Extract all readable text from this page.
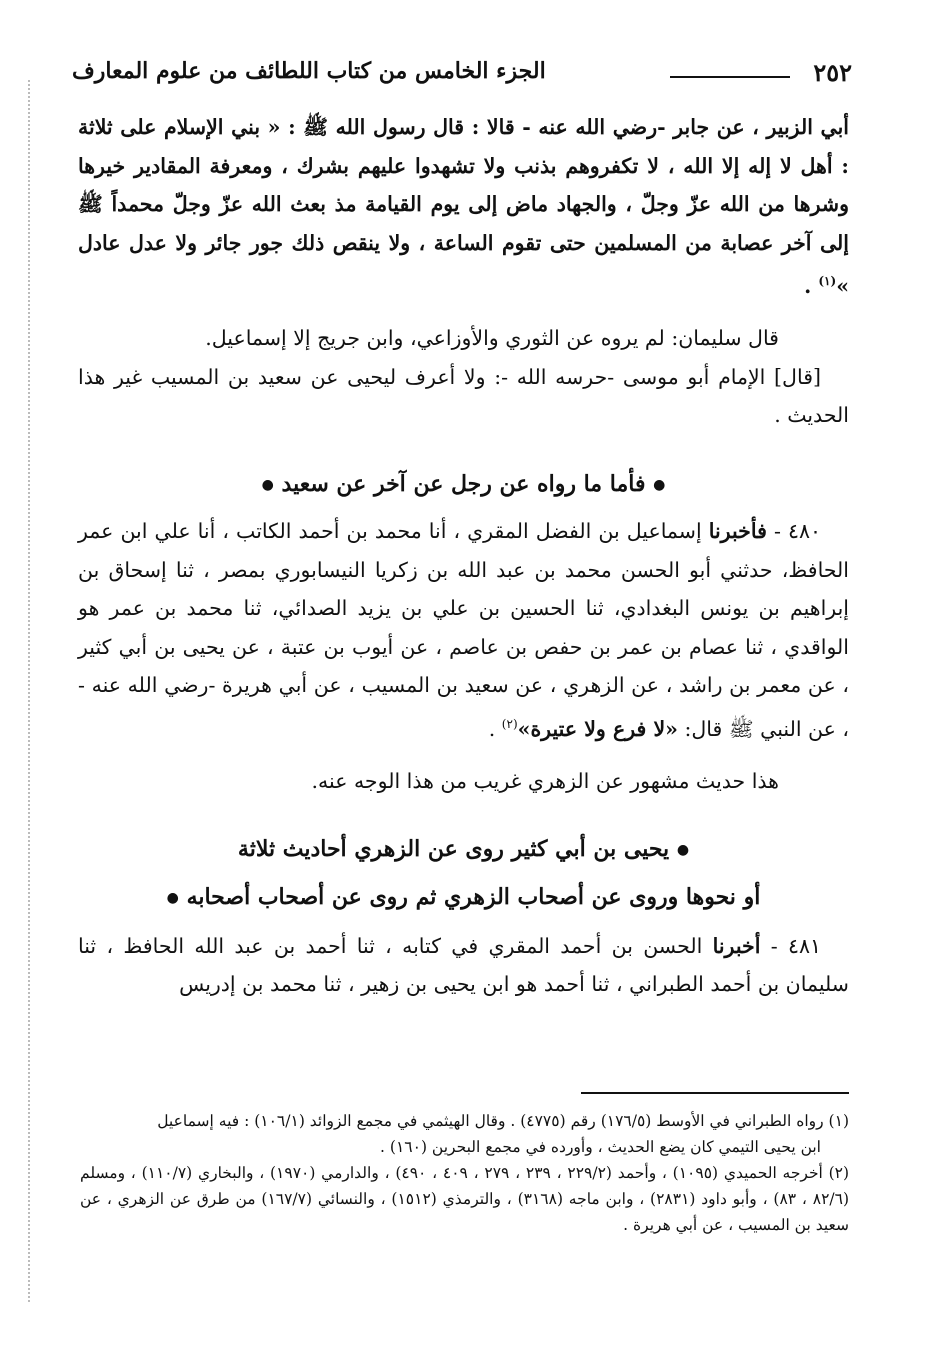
٢٥٢
الجزء الخامس من كتاب اللطائف من علوم المعارف

أبي الزبير ، عن جابر -رضي الله عنه - قالا : قال رسول الله ﷺ : « بني الإسلام على ثلاثة : أهل لا إله إلا الله ، لا تكفروهم بذنب ولا تشهدوا عليهم بشرك ، ومعرفة المقادير خيرها وشرها من الله عزّ وجلّ ، والجهاد ماض إلى يوم القيامة مذ بعث الله عزّ وجلّ محمداً ﷺ إلى آخر عصابة من المسلمين حتى تقوم الساعة ، ولا ينقص ذلك جور جائر ولا عدل عادل »$^{(١)}$ .

قال سليمان: لم يروه عن الثوري والأوزاعي، وابن جريج إلا إسماعيل.

[قال] الإمام أبو موسى -حرسه الله -: ولا أعرف ليحيى عن سعيد بن المسيب غير هذا الحديث .

● فأما ما رواه عن رجل عن آخر عن سعيد ●

٤٨٠ - فأخبرنا إسماعيل بن الفضل المقري ، أنا محمد بن أحمد الكاتب ، أنا علي ابن عمر الحافظ، حدثني أبو الحسن محمد بن عبد الله بن زكريا النيسابوري بمصر ، ثنا إسحاق بن إبراهيم بن يونس البغدادي، ثنا الحسين بن علي بن يزيد الصدائي، ثنا محمد بن عمر هو الواقدي ، ثنا عصام بن عمر بن حفص بن عاصم ، عن أيوب بن عتبة ، عن يحيى بن أبي كثير ، عن معمر بن راشد ، عن الزهري ، عن سعيد بن المسيب ، عن أبي هريرة -رضي الله عنه - ، عن النبي ﷺ قال: «لا فرع ولا عتيرة»$^{(٢)}$ .

هذا حديث مشهور عن الزهري غريب من هذا الوجه عنه.

● يحيى بن أبي كثير روى عن الزهري أحاديث ثلاثة

أو نحوها وروى عن أصحاب الزهري ثم روى عن أصحاب أصحابه ●

٤٨١ - أخبرنا الحسن بن أحمد المقري في كتابه ، ثنا أحمد بن عبد الله الحافظ ، ثنا سليمان بن أحمد الطبراني ، ثنا أحمد هو ابن يحيى بن زهير ، ثنا محمد بن إدريس

(١) رواه الطبراني في الأوسط (١٧٦/٥) رقم (٤٧٧٥) . وقال الهيثمي في مجمع الزوائد (١٠٦/١) : فيه إسماعيل

ابن يحيى التيمي كان يضع الحديث ، وأورده في مجمع البحرين (١٦٠) .

(٢) أخرجه الحميدي (١٠٩٥) ، وأحمد (٢٢٩/٢ ، ٢٣٩ ، ٢٧٩ ، ٤٠٩ ، ٤٩٠) ، والدارمي (١٩٧٠) ، والبخاري (١١٠/٧) ، ومسلم (٨٢/٦ ، ٨٣) ، وأبو داود (٢٨٣١) ، وابن ماجه (٣١٦٨) ، والترمذي (١٥١٢) ، والنسائي (١٦٧/٧) من طرق عن الزهري ، عن سعيد بن المسيب ، عن أبي هريرة .
